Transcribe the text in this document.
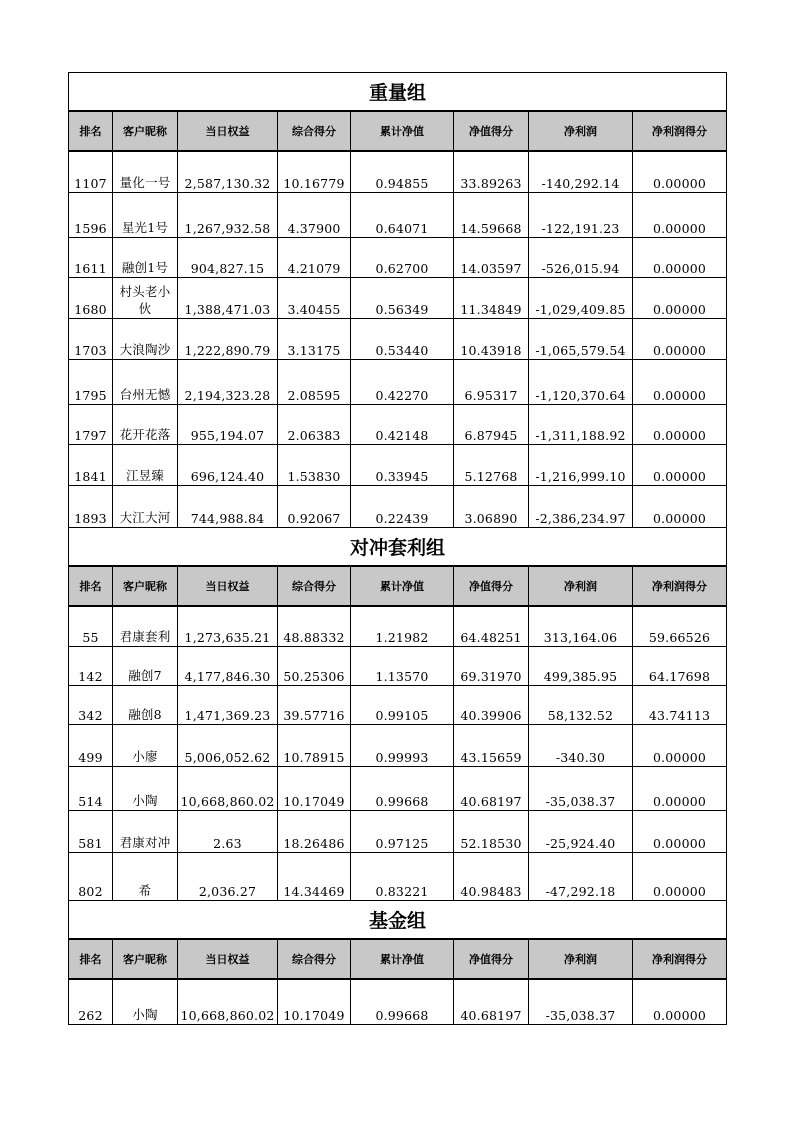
重量组							
排名	客户昵称	当日权益	综合得分	累计净值	净值得分	净利润	净利润得分
1107	量化一号	2,587,130.32	10.16779	0.94855	33.89263	-140,292.14	0.00000
1596	星光1号	1,267,932.58	4.37900	0.64071	14.59668	-122,191.23	0.00000
1611	融创1号	904,827.15	4.21079	0.62700	14.03597	-526,015.94	0.00000
1680	村头老小伙	1,388,471.03	3.40455	0.56349	11.34849	-1,029,409.85	0.00000
1703	大浪陶沙	1,222,890.79	3.13175	0.53440	10.43918	-1,065,579.54	0.00000
1795	台州无憾	2,194,323.28	2.08595	0.42270	6.95317	-1,120,370.64	0.00000
1797	花开花落	955,194.07	2.06383	0.42148	6.87945	-1,311,188.92	0.00000
1841	江昱臻	696,124.40	1.53830	0.33945	5.12768	-1,216,999.10	0.00000
1893	大江大河	744,988.84	0.92067	0.22439	3.06890	-2,386,234.97	0.00000
对冲套利组							
排名	客户昵称	当日权益	综合得分	累计净值	净值得分	净利润	净利润得分
55	君康套利	1,273,635.21	48.88332	1.21982	64.48251	313,164.06	59.66526
142	融创7	4,177,846.30	50.25306	1.13570	69.31970	499,385.95	64.17698
342	融创8	1,471,369.23	39.57716	0.99105	40.39906	58,132.52	43.74113
499	小廖	5,006,052.62	10.78915	0.99993	43.15659	-340.30	0.00000
514	小陶	10,668,860.02	10.17049	0.99668	40.68197	-35,038.37	0.00000
581	君康对冲	2.63	18.26486	0.97125	52.18530	-25,924.40	0.00000
802	希	2,036.27	14.34469	0.83221	40.98483	-47,292.18	0.00000
基金组							
排名	客户昵称	当日权益	综合得分	累计净值	净值得分	净利润	净利润得分
262	小陶	10,668,860.02	10.17049	0.99668	40.68197	-35,038.37	0.00000
